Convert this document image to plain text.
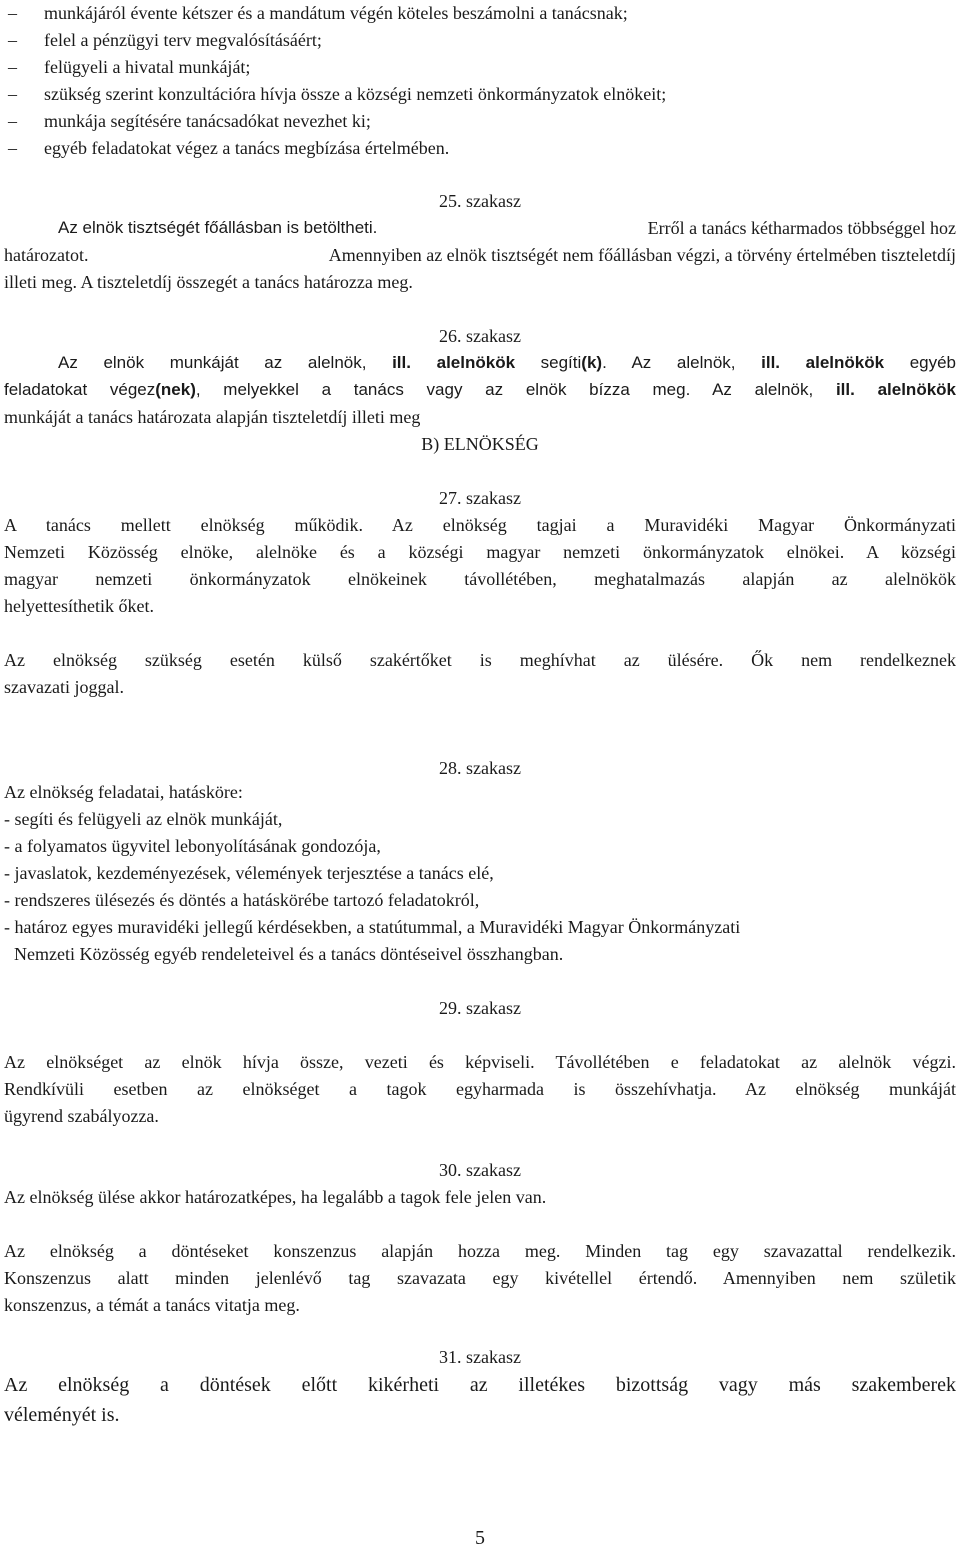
–	munkájáról évente kétszer és a mandátum végén köteles beszámolni a tanácsnak;
–	felel a pénzügyi terv megvalósításáért;
–	felügyeli a hivatal munkáját;
–	szükség szerint konzultációra hívja össze a községi nemzeti önkormányzatok elnökeit;
–	munkája segítésére tanácsadókat nevezhet ki;
–	egyéb feladatokat végez a tanács megbízása értelmében.
25. szakasz
Az elnök tisztségét főállásban is betöltheti.	Erről a tanács kétharmados többséggel hoz
határozatot.	Amennyiben az elnök tisztségét nem főállásban végzi, a törvény értelmében tiszteletdíj
illeti meg. A tiszteletdíj összegét a tanács határozza meg.
26. szakasz
Az elnök munkáját az alelnök, ill. alelnökök segíti(k). Az alelnök, ill. alelnökök egyéb
feladatokat végez(nek), melyekkel a tanács vagy az elnök bízza meg. Az alelnök, ill. alelnökök
munkáját a tanács határozata alapján tiszteletdíj illeti meg
B) ELNÖKSÉG
27. szakasz
A tanács mellett elnökség működik. Az elnökség tagjai a Muravidéki Magyar Önkormányzati
Nemzeti Közösség elnöke, alelnöke és a községi magyar nemzeti önkormányzatok elnökei. A községi
magyar nemzeti önkormányzatok elnökeinek távollétében, meghatalmazás alapján az alelnökök
helyettesíthetik őket.
Az elnökség szükség esetén külső szakértőket is meghívhat az ülésére. Ők nem rendelkeznek
szavazati joggal.
28. szakasz
Az elnökség feladatai, hatásköre:
- segíti és felügyeli az elnök munkáját,
- a folyamatos ügyvitel lebonyolításának gondozója,
- javaslatok, kezdeményezések, vélemények terjesztése a tanács elé,
- rendszeres ülésezés és döntés a hatáskörébe tartozó feladatokról,
- határoz egyes muravidéki jellegű kérdésekben, a statútummal, a Muravidéki Magyar Önkormányzati
Nemzeti Közösség egyéb rendeleteivel és a tanács döntéseivel összhangban.
29. szakasz
Az elnökséget az elnök hívja össze, vezeti és képviseli. Távollétében e feladatokat az alelnök végzi.
Rendkívüli esetben az elnökséget a tagok egyharmada is összehívhatja. Az elnökség munkáját
ügyrend szabályozza.
30. szakasz
Az elnökség ülése akkor határozatképes, ha legalább a tagok fele jelen van.
Az elnökség a döntéseket konszenzus alapján hozza meg. Minden tag egy szavazattal rendelkezik.
Konszenzus alatt minden jelenlévő tag szavazata egy kivétellel értendő. Amennyiben nem születik
konszenzus, a témát a tanács vitatja meg.
31. szakasz
Az elnökség a döntések előtt kikérheti az illetékes bizottság vagy más szakemberek
véleményét is.
5
